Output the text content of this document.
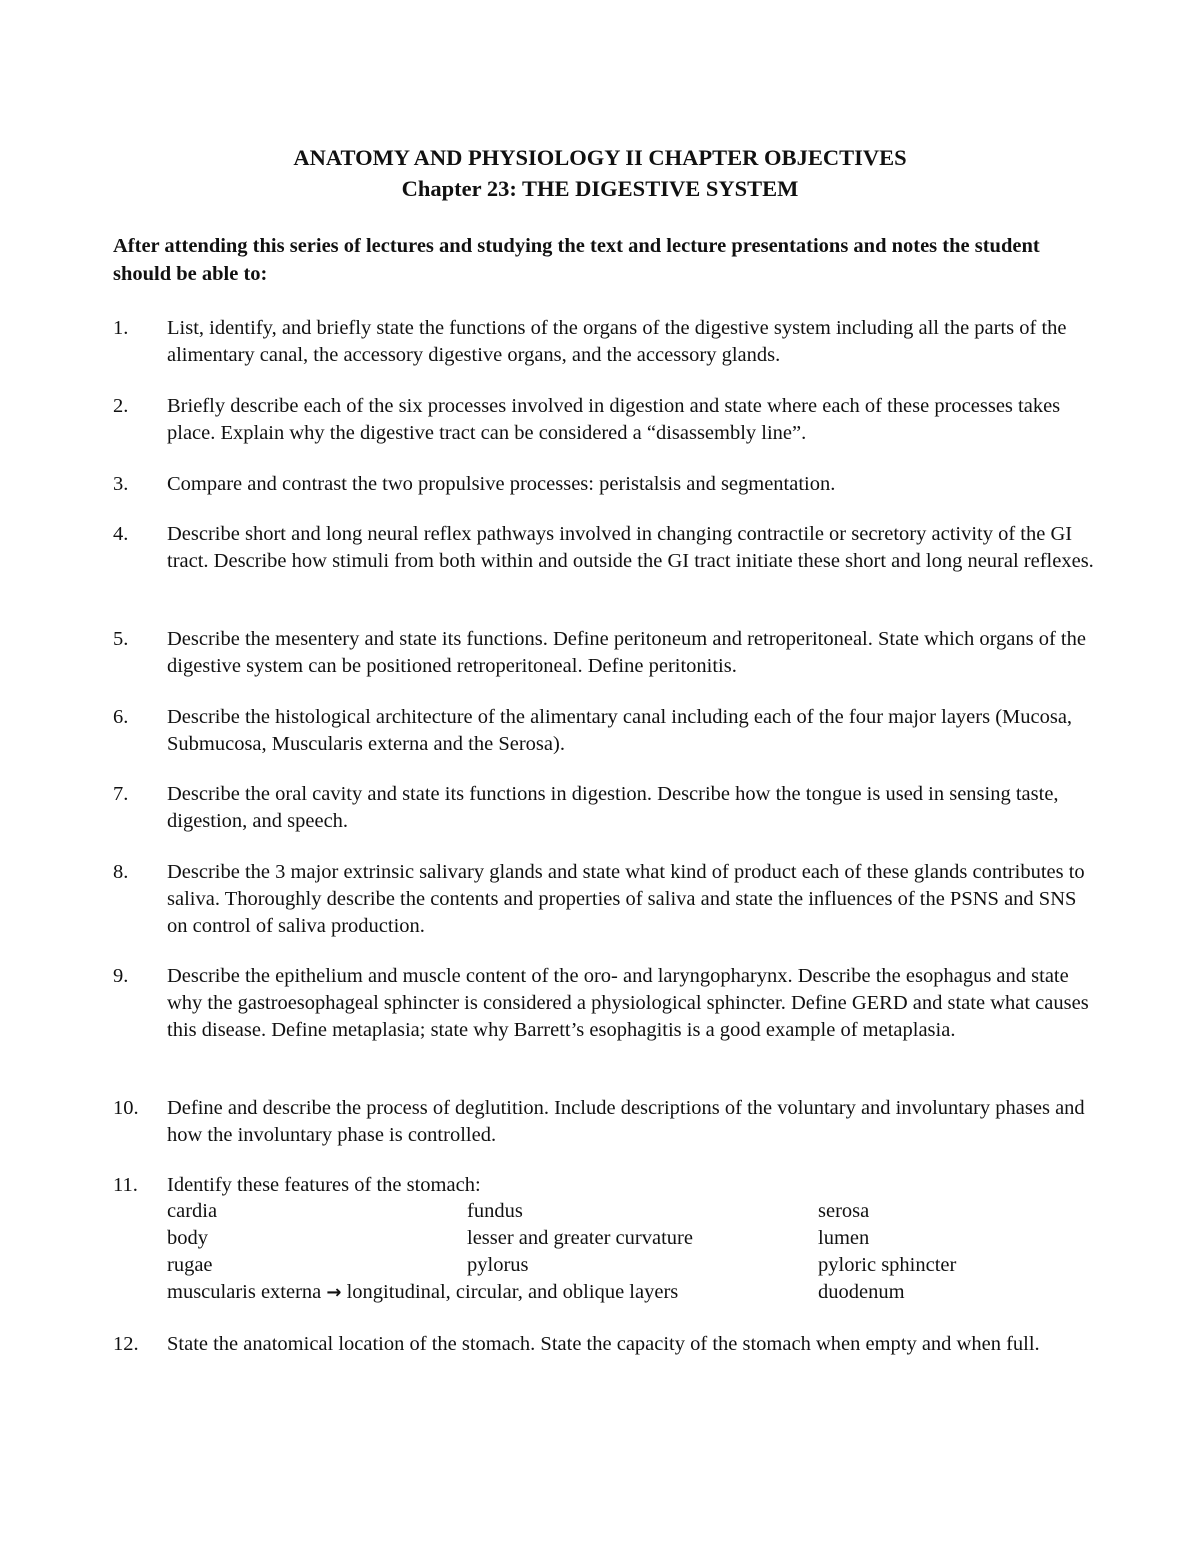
ANATOMY AND PHYSIOLOGY II CHAPTER OBJECTIVES
Chapter 23: THE DIGESTIVE SYSTEM
After attending this series of lectures and studying the text and lecture presentations and notes the student should be able to:
1.	List, identify, and briefly state the functions of the organs of the digestive system including all the parts of the alimentary canal, the accessory digestive organs, and the accessory glands.
2.	Briefly describe each of the six processes involved in digestion and state where each of these processes takes place. Explain why the digestive tract can be considered a “disassembly line”.
3.	Compare and contrast the two propulsive processes: peristalsis and segmentation.
4.	Describe short and long neural reflex pathways involved in changing contractile or secretory activity of the GI tract. Describe how stimuli from both within and outside the GI tract initiate these short and long neural reflexes.
5.	Describe the mesentery and state its functions. Define peritoneum and retroperitoneal. State which organs of the digestive system can be positioned retroperitoneal. Define peritonitis.
6.	Describe the histological architecture of the alimentary canal including each of the four major layers (Mucosa, Submucosa, Muscularis externa and the Serosa).
7.	Describe the oral cavity and state its functions in digestion. Describe how the tongue is used in sensing taste, digestion, and speech.
8.	Describe the 3 major extrinsic salivary glands and state what kind of product each of these glands contributes to saliva. Thoroughly describe the contents and properties of saliva and state the influences of the PSNS and SNS on control of saliva production.
9.	Describe the epithelium and muscle content of the oro- and laryngopharynx. Describe the esophagus and state why the gastroesophageal sphincter is considered a physiological sphincter. Define GERD and state what causes this disease. Define metaplasia; state why Barrett’s esophagitis is a good example of metaplasia.
10.	Define and describe the process of deglutition. Include descriptions of the voluntary and involuntary phases and how the involuntary phase is controlled.
11.	Identify these features of the stomach:
cardia	fundus	serosa
body	lesser and greater curvature	lumen
rugae	pylorus	pyloric sphincter
muscularis externa → longitudinal, circular, and oblique layers	duodenum
12.	State the anatomical location of the stomach. State the capacity of the stomach when empty and when full.
